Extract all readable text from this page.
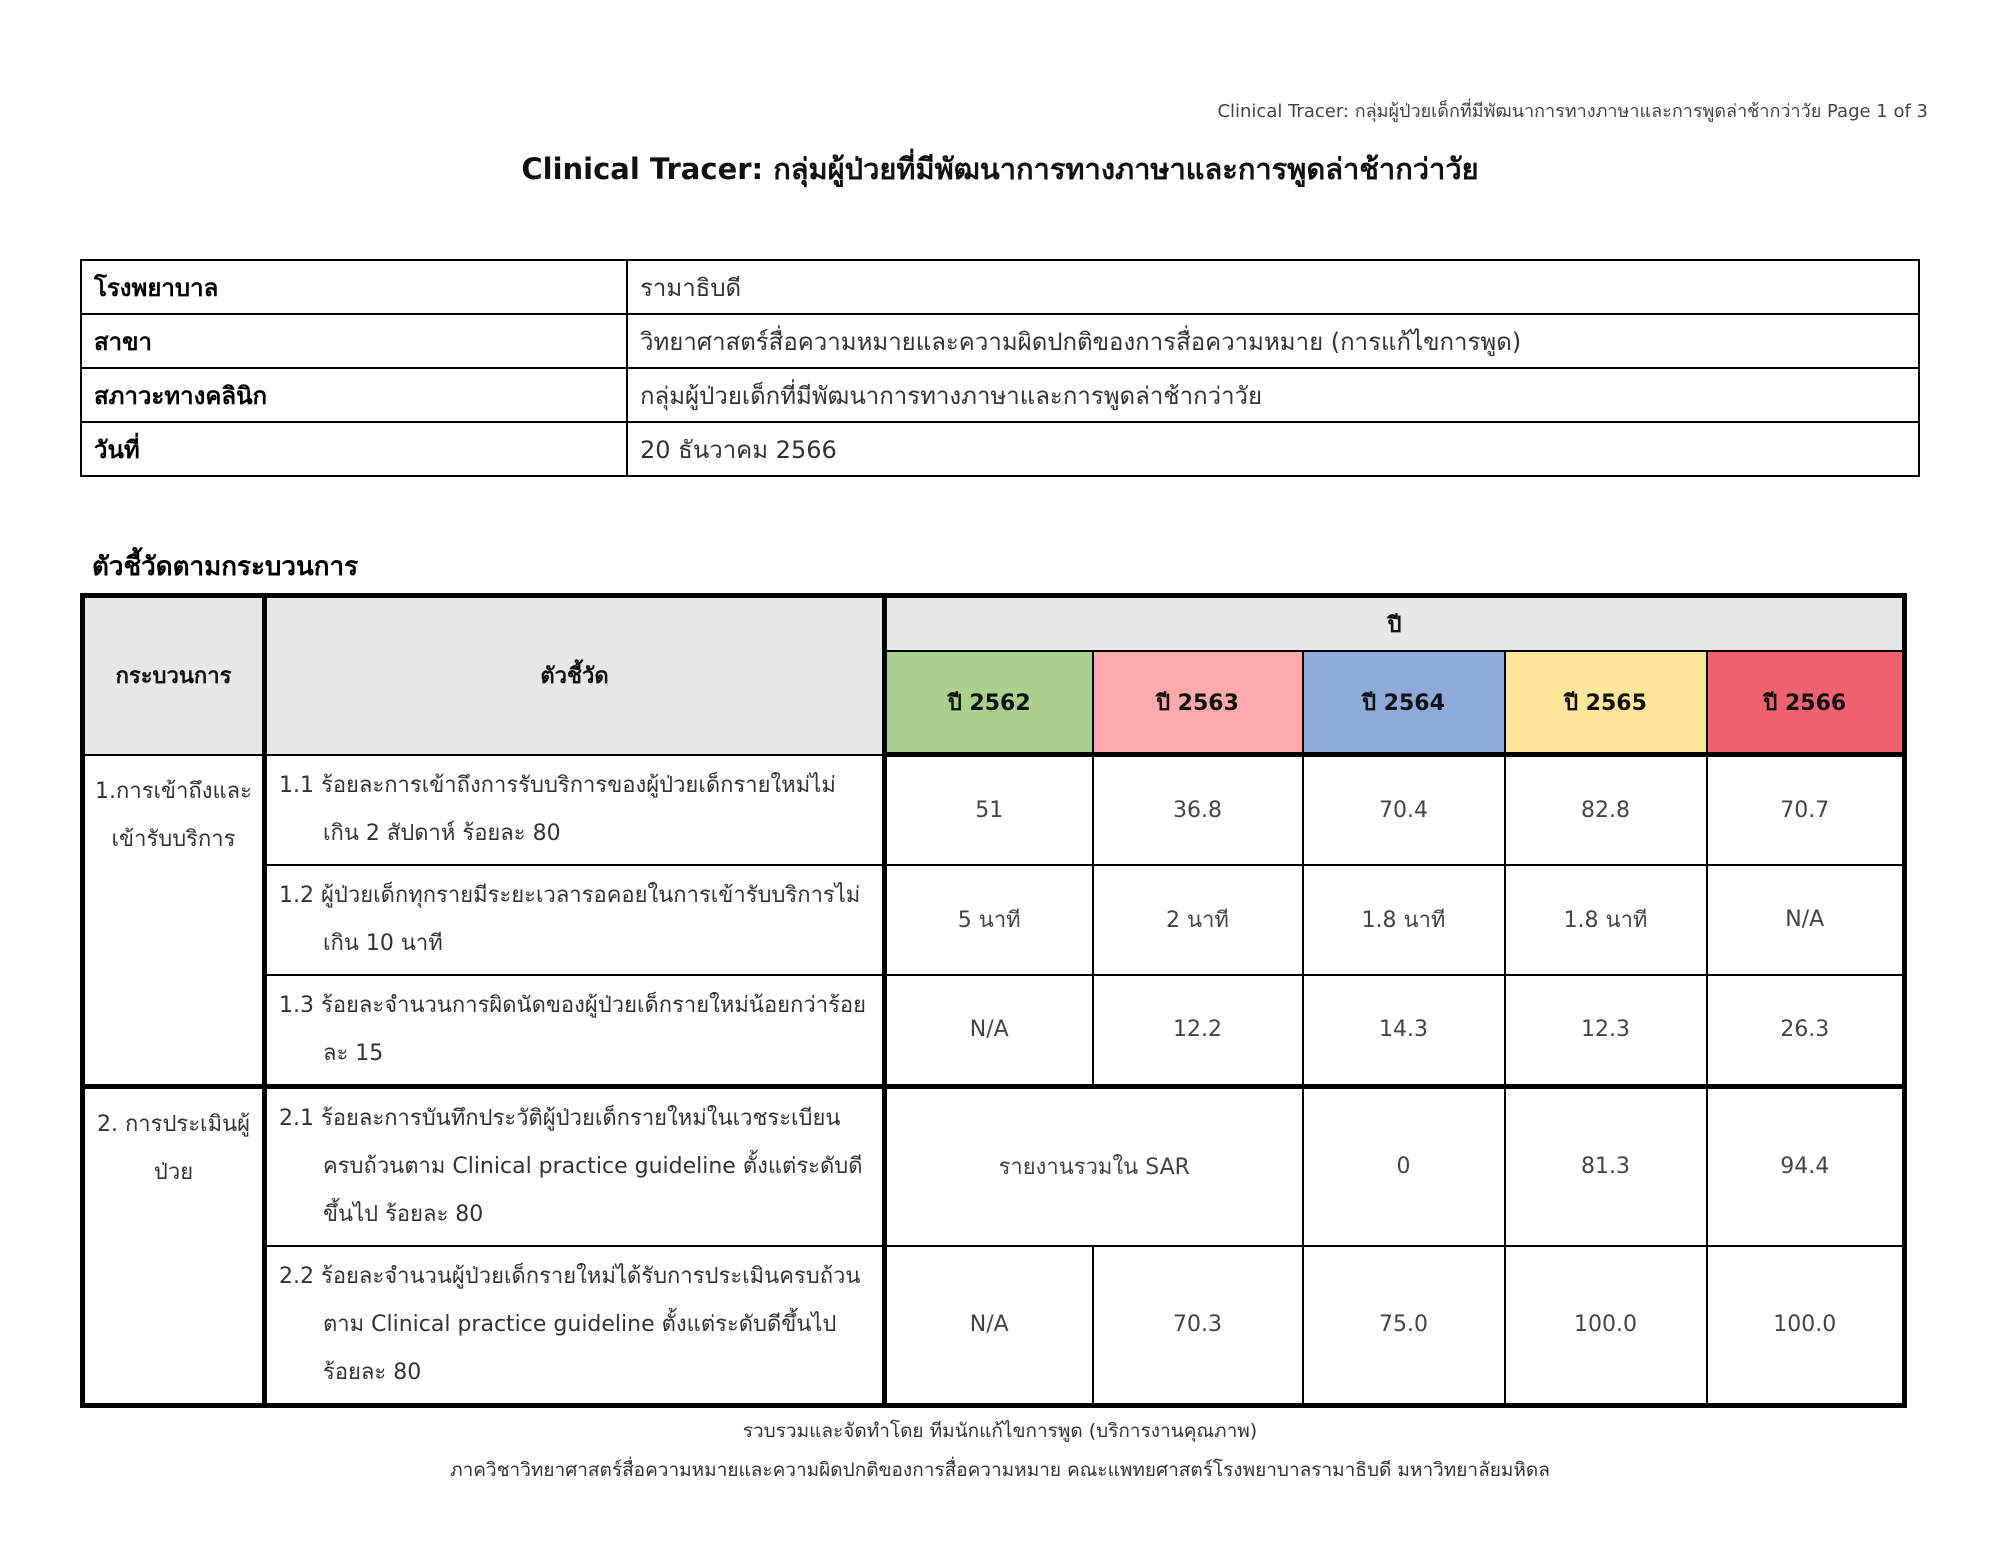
Clinical Tracer: กลุ่มผู้ป่วยเด็กที่มีพัฒนาการทางภาษาและการพูดล่าช้ากว่าวัย Page 1 of 3
Clinical Tracer: กลุ่มผู้ป่วยที่มีพัฒนาการทางภาษาและการพูดล่าช้ากว่าวัย
โรงพยาบาล	รามาธิบดี
สาขา	วิทยาศาสตร์สื่อความหมายและความผิดปกติของการสื่อความหมาย (การแก้ไขการพูด)
สภาวะทางคลินิก	กลุ่มผู้ป่วยเด็กที่มีพัฒนาการทางภาษาและการพูดล่าช้ากว่าวัย
วันที่	20 ธันวาคม 2566
ตัวชี้วัดตามกระบวนการ
กระบวนการ	ตัวชี้วัด	ปี				
		ปี 2562	ปี 2563	ปี 2564	ปี 2565	ปี 2566
1.การเข้าถึงและเข้ารับบริการ	1.1 ร้อยละการเข้าถึงการรับบริการของผู้ป่วยเด็กรายใหม่ไม่เกิน 2 สัปดาห์ ร้อยละ 80	51	36.8	70.4	82.8	70.7

	1.2 ผู้ป่วยเด็กทุกรายมีระยะเวลารอคอยในการเข้ารับบริการไม่เกิน 10 นาที	5 นาที	2 นาที	1.8 นาที	1.8 นาที	N/A

	1.3 ร้อยละจำนวนการผิดนัดของผู้ป่วยเด็กรายใหม่น้อยกว่าร้อยละ 15	N/A	12.2	14.3	12.3	26.3
2. การประเมินผู้ป่วย	2.1 ร้อยละการบันทึกประวัติผู้ป่วยเด็กรายใหม่ในเวชระเบียนครบถ้วนตาม Clinical practice guideline ตั้งแต่ระดับดีขึ้นไป ร้อยละ 80	รายงานรวมใน SAR		0	81.3	94.4

	2.2 ร้อยละจำนวนผู้ป่วยเด็กรายใหม่ได้รับการประเมินครบถ้วนตาม Clinical practice guideline ตั้งแต่ระดับดีขึ้นไป ร้อยละ 80	N/A	70.3	75.0	100.0	100.0
รวบรวมและจัดทำโดย ทีมนักแก้ไขการพูด (บริการงานคุณภาพ)
ภาควิชาวิทยาศาสตร์สื่อความหมายและความผิดปกติของการสื่อความหมาย คณะแพทยศาสตร์โรงพยาบาลรามาธิบดี มหาวิทยาลัยมหิดล
